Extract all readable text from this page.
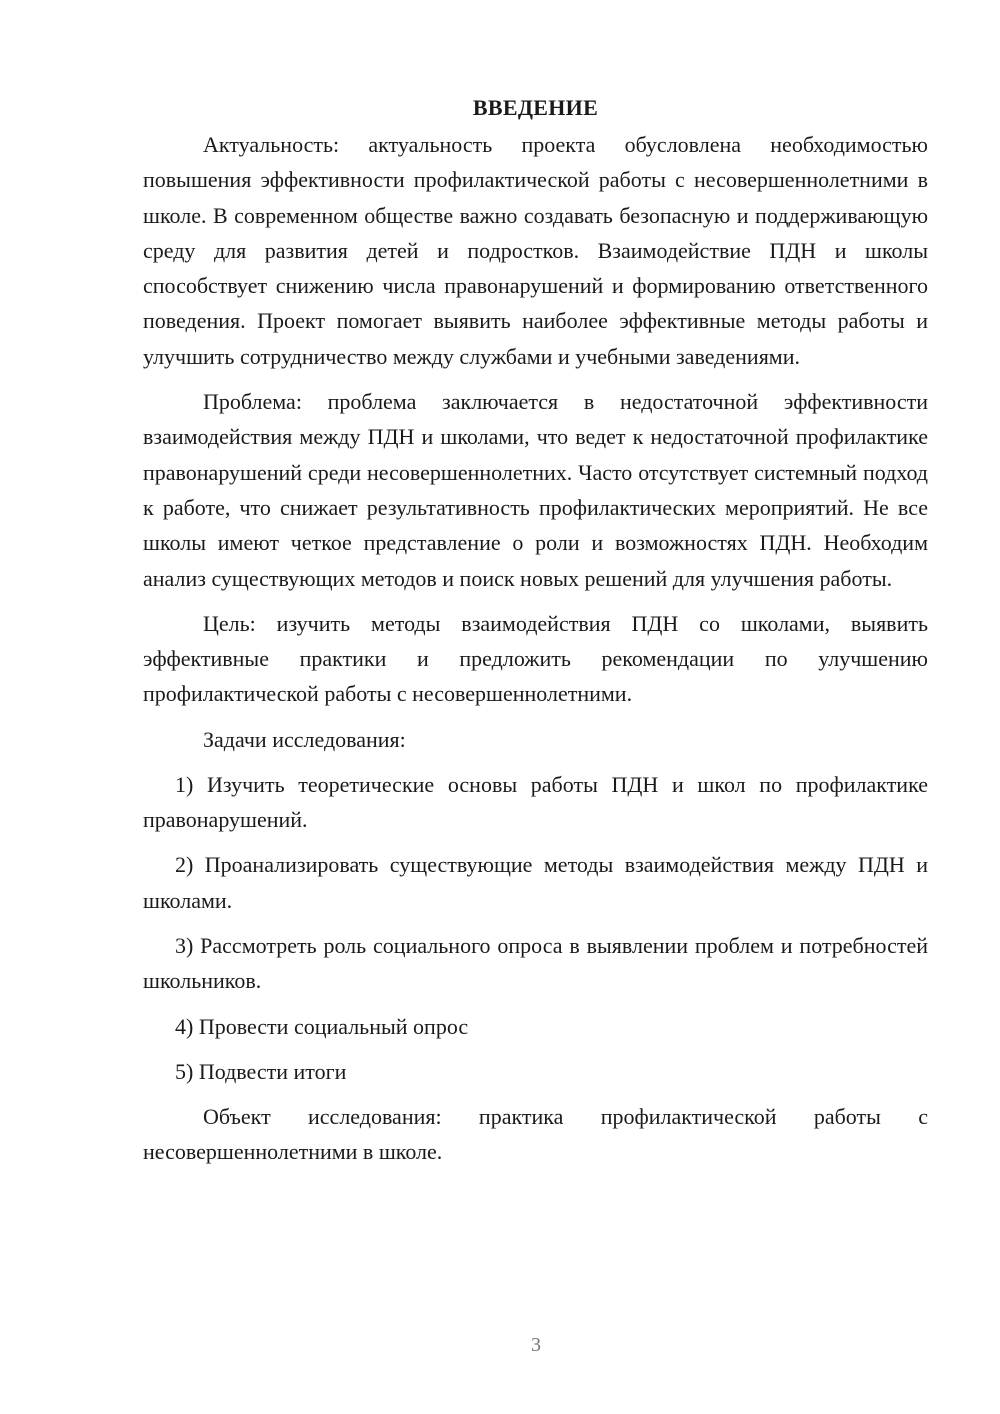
ВВЕДЕНИЕ

Актуальность: актуальность проекта обусловлена необходимостью повышения эффективности профилактической работы с несовершеннолетними в школе. В современном обществе важно создавать безопасную и поддерживающую среду для развития детей и подростков. Взаимодействие ПДН и школы способствует снижению числа правонарушений и формированию ответственного поведения. Проект помогает выявить наиболее эффективные методы работы и улучшить сотрудничество между службами и учебными заведениями.

Проблема: проблема заключается в недостаточной эффективности взаимодействия между ПДН и школами, что ведет к недостаточной профилактике правонарушений среди несовершеннолетних. Часто отсутствует системный подход к работе, что снижает результативность профилактических мероприятий. Не все школы имеют четкое представление о роли и возможностях ПДН. Необходим анализ существующих методов и поиск новых решений для улучшения работы.

Цель: изучить методы взаимодействия ПДН со школами, выявить эффективные практики и предложить рекомендации по улучшению профилактической работы с несовершеннолетними.

Задачи исследования:

1) Изучить теоретические основы работы ПДН и школ по профилактике правонарушений.

2) Проанализировать существующие методы взаимодействия между ПДН и школами.

3) Рассмотреть роль социального опроса в выявлении проблем и потребностей школьников.

4) Провести социальный опрос

5) Подвести итоги

Объект исследования: практика профилактической работы с несовершеннолетними в школе.

3
